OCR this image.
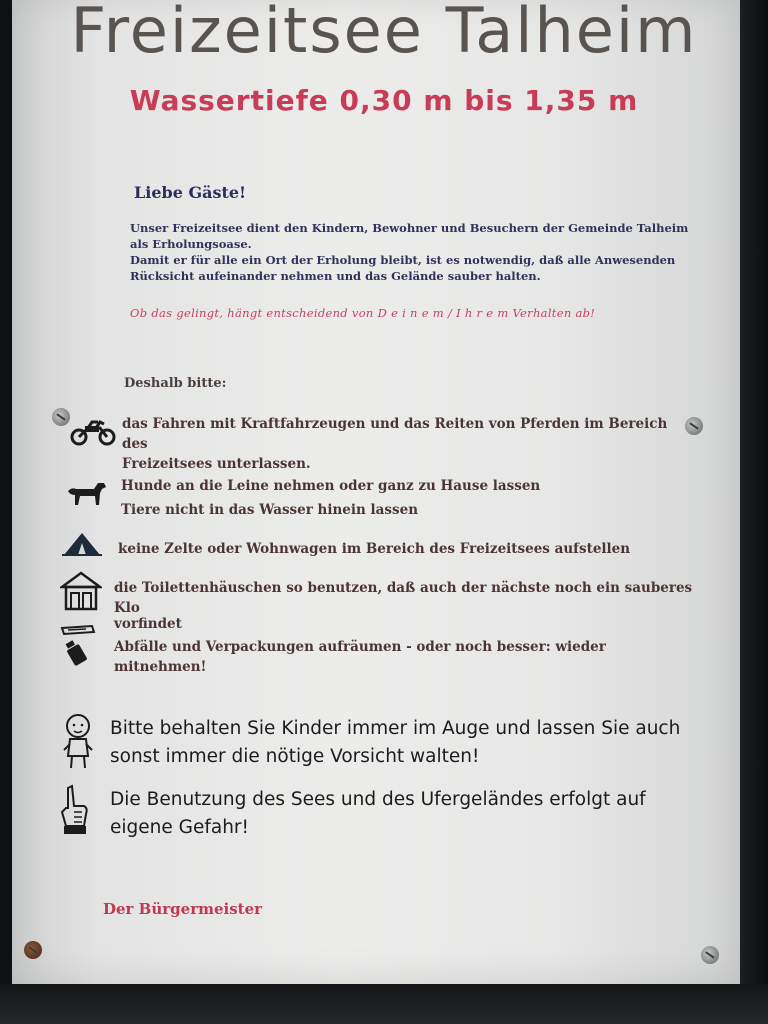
Freizeitsee Talheim
Wassertiefe 0,30 m bis 1,35 m
Liebe Gäste!
Unser Freizeitsee dient den Kindern, Bewohner und Besuchern der Gemeinde Talheim als Erholungsoase.
Damit er für alle ein Ort der Erholung bleibt, ist es notwendig, daß alle Anwesenden Rücksicht aufeinander nehmen und das Gelände sauber halten.
Ob das gelingt, hängt entscheidend von D e i n e m / I h r e m Verhalten ab!
Deshalb bitte:
das Fahren mit Kraftfahrzeugen und das Reiten von Pferden im Bereich des
Freizeitsees unterlassen.
Hunde an die Leine nehmen oder ganz zu Hause lassen
Tiere nicht in das Wasser hinein lassen
keine Zelte oder Wohnwagen im Bereich des Freizeitsees aufstellen
die Toilettenhäuschen so benutzen, daß auch der nächste noch ein sauberes Klo
vorfindet
Abfälle und Verpackungen aufräumen - oder noch besser: wieder mitnehmen!
Bitte behalten Sie Kinder immer im Auge und lassen Sie auch
sonst immer die nötige Vorsicht walten!
Die Benutzung des Sees und des Ufergeländes erfolgt auf
eigene Gefahr!
Der Bürgermeister
